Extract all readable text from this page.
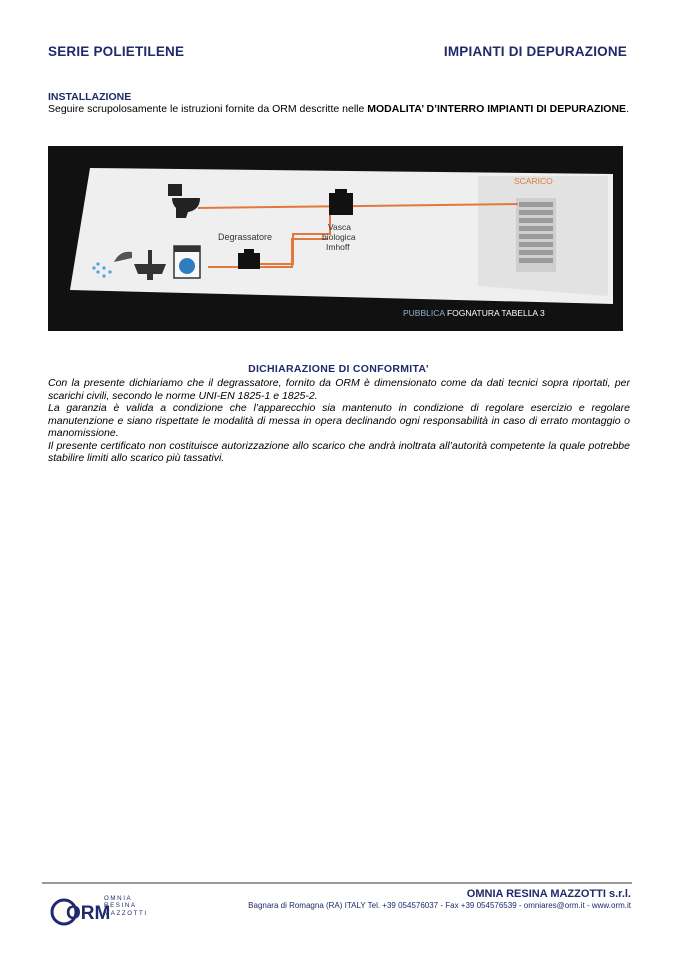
SERIE POLIETILENE	IMPIANTI DI DEPURAZIONE
INSTALLAZIONE
Seguire scrupolosamente le istruzioni fornite da ORM descritte nelle MODALITA’ D’INTERRO IMPIANTI DI DEPURAZIONE.
Degrassatore
Vasca
biologica
Imhoff
SCARICO
PUBBLICA FOGNATURA TABELLA 3
DICHIARAZIONE DI CONFORMITA’

Con la presente dichiariamo che il degrassatore, fornito da ORM è dimensionato come da dati tecnici sopra riportati, per scarichi civili, secondo le norme UNI-EN 1825-1 e 1825-2.

La garanzia è valida a condizione che l’apparecchio sia mantenuto in condizione di regolare esercizio e regolare manutenzione e siano rispettate le modalità di messa in opera declinando ogni responsabilità in caso di errato montaggio o manomissione.

Il presente certificato non costituisce autorizzazione allo scarico che andrà inoltrata all’autorità competente la quale potrebbe stabilire limiti allo scarico più tassativi.

ORM
OMNIA
RESINA
MAZZOTTI
OMNIA RESINA MAZZOTTI s.r.l.
Bagnara di Romagna (RA) ITALY Tel. +39 054576037 - Fax +39 054576539 - omniares@orm.it - www.orm.it
